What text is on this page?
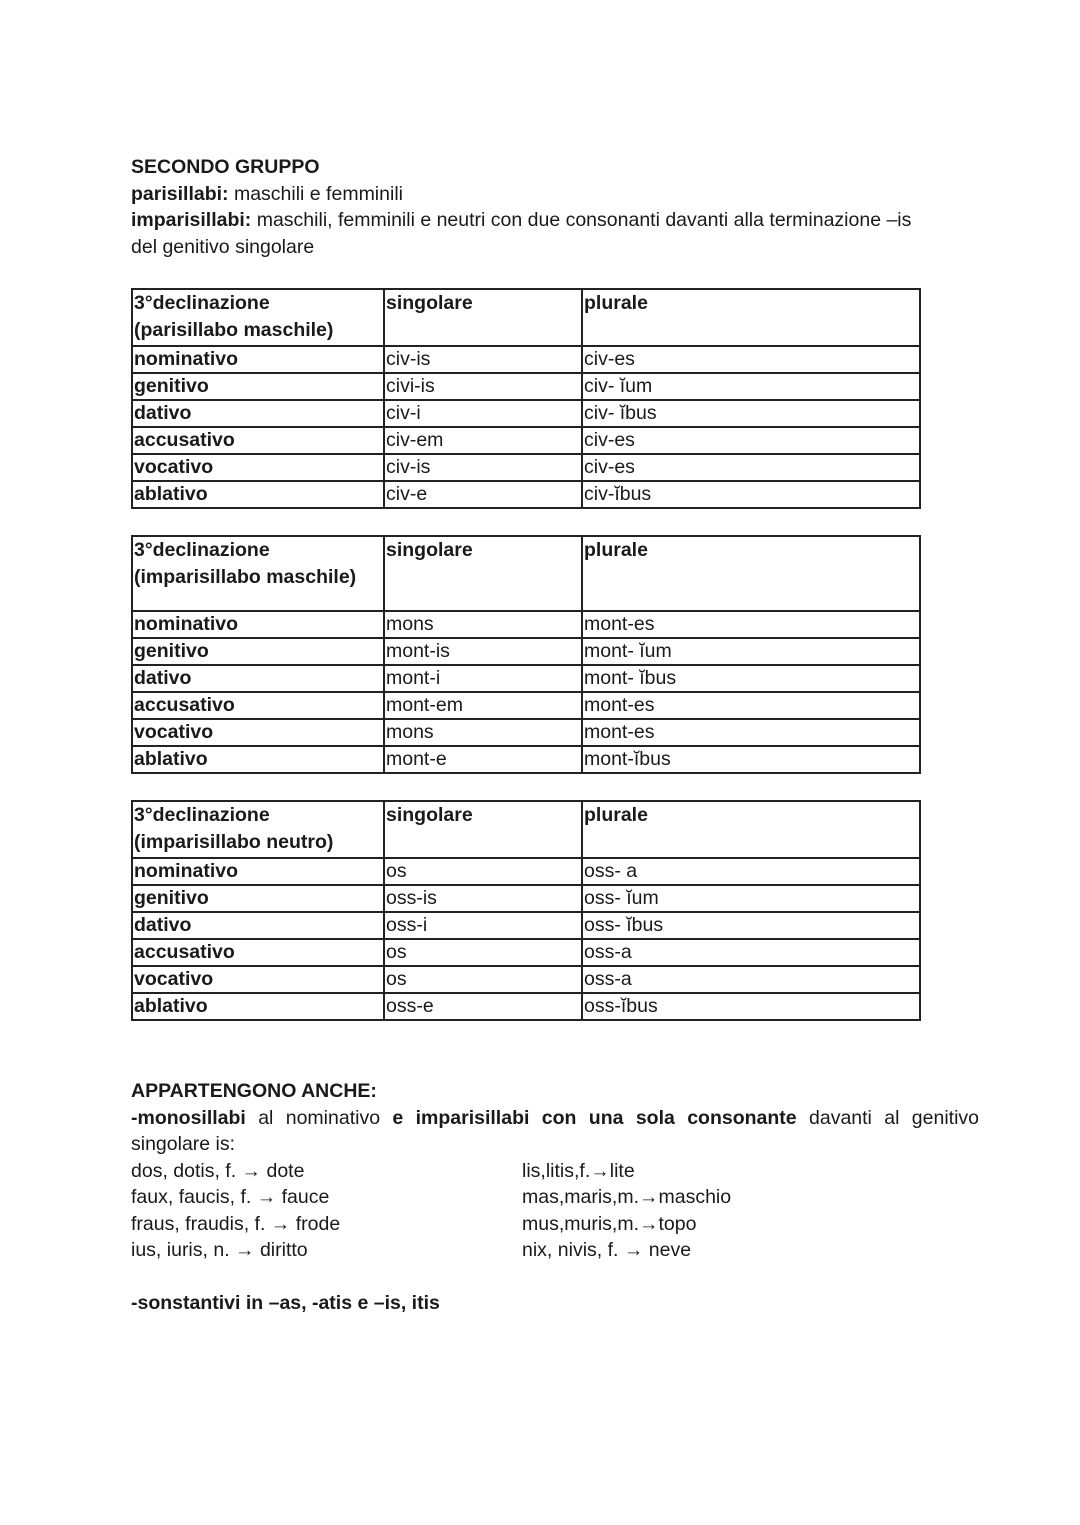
SECONDO GRUPPO
parisillabi: maschili e femminili
imparisillabi: maschili, femminili e neutri con due consonanti davanti alla terminazione –is
del genitivo singolare
3°declinazione
(parisillabo maschile)	singolare	plurale
nominativo	civ-is	civ-es
genitivo	civi-is	civ- ĭum
dativo	civ-i	civ- ĭbus
accusativo	civ-em	civ-es
vocativo	civ-is	civ-es
ablativo	civ-e	civ-ĭbus
3°declinazione
(imparisillabo maschile)	singolare	plurale
nominativo	mons	mont-es
genitivo	mont-is	mont- ĭum
dativo	mont-i	mont- ĭbus
accusativo	mont-em	mont-es
vocativo	mons	mont-es
ablativo	mont-e	mont-ĭbus
3°declinazione
(imparisillabo neutro)	singolare	plurale
nominativo	os	oss- a
genitivo	oss-is	oss- ĭum
dativo	oss-i	oss- ĭbus
accusativo	os	oss-a
vocativo	os	oss-a
ablativo	oss-e	oss-ĭbus
APPARTENGONO ANCHE:
-monosillabi al nominativo e imparisillabi con una sola consonante davanti al genitivo
singolare is:
dos, dotis, f. → dote
faux, faucis, f. → fauce
fraus, fraudis, f. → frode
ius, iuris, n. → diritto
lis,litis,f.→lite
mas,maris,m.→maschio
mus,muris,m.→topo
nix, nivis, f. → neve
-sonstantivi in –as, -atis e –is, itis
